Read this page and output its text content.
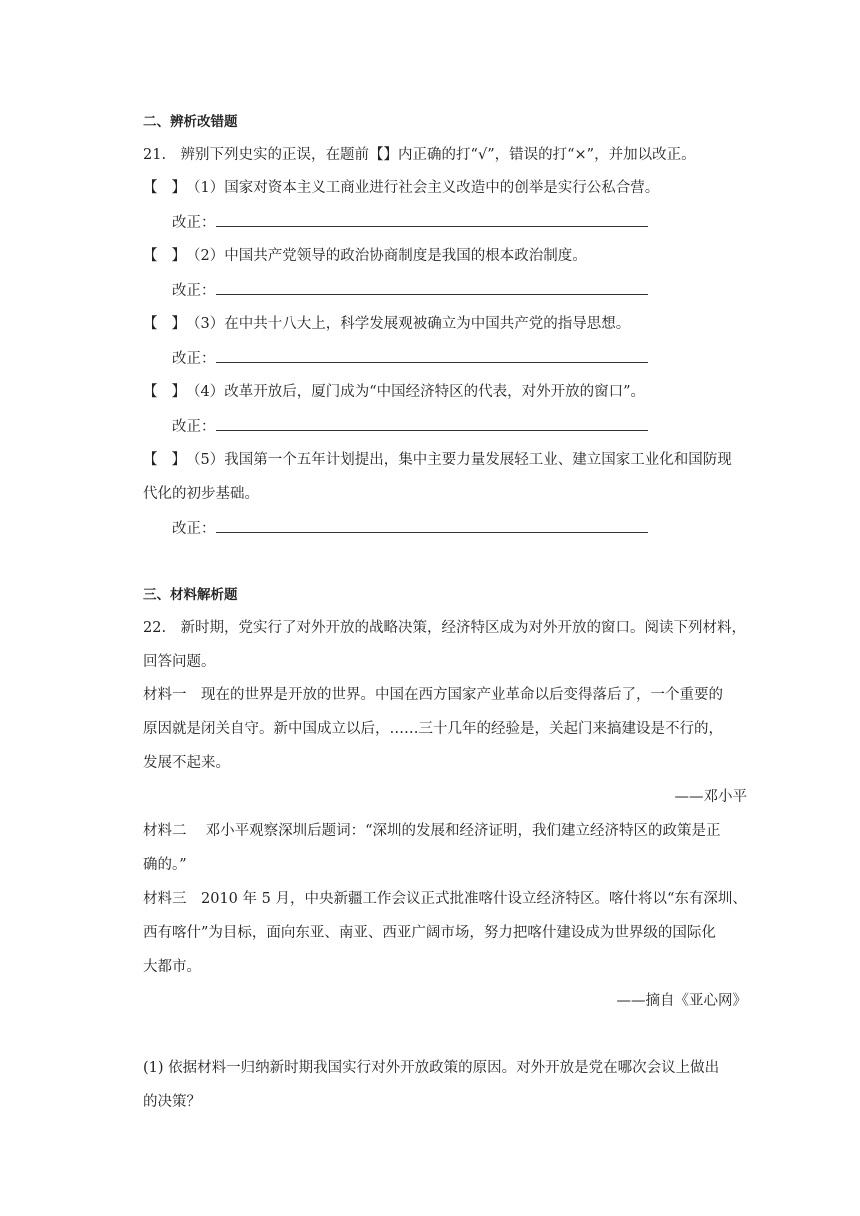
二、辨析改错题
21.　辨别下列史实的正误，在题前【】内正确的打“√”，错误的打“×”，并加以改正。
【 】（1）国家对资本主义工商业进行社会主义改造中的创举是实行公私合营。
改正：
【 】（2）中国共产党领导的政治协商制度是我国的根本政治制度。
改正：
【 】（3）在中共十八大上，科学发展观被确立为中国共产党的指导思想。
改正：
【 】（4）改革开放后，厦门成为“中国经济特区的代表，对外开放的窗口”。
改正：
【 】（5）我国第一个五年计划提出，集中主要力量发展轻工业、建立国家工业化和国防现
代化的初步基础。
改正：
三、材料解析题
22.　新时期，党实行了对外开放的战略决策，经济特区成为对外开放的窗口。阅读下列材料，
回答问题。
材料一　现在的世界是开放的世界。中国在西方国家产业革命以后变得落后了，一个重要的
原因就是闭关自守。新中国成立以后，……三十几年的经验是，关起门来搞建设是不行的，
发展不起来。
——邓小平
材料二　 邓小平观察深圳后题词：“深圳的发展和经济证明，我们建立经济特区的政策是正
确的。”
材料三　2010 年 5 月，中央新疆工作会议正式批准喀什设立经济特区。喀什将以“东有深圳、
西有喀什”为目标，面向东亚、南亚、西亚广阔市场，努力把喀什建设成为世界级的国际化
大都市。
——摘自《亚心网》
(1) 依据材料一归纳新时期我国实行对外开放政策的原因。对外开放是党在哪次会议上做出
的决策？
